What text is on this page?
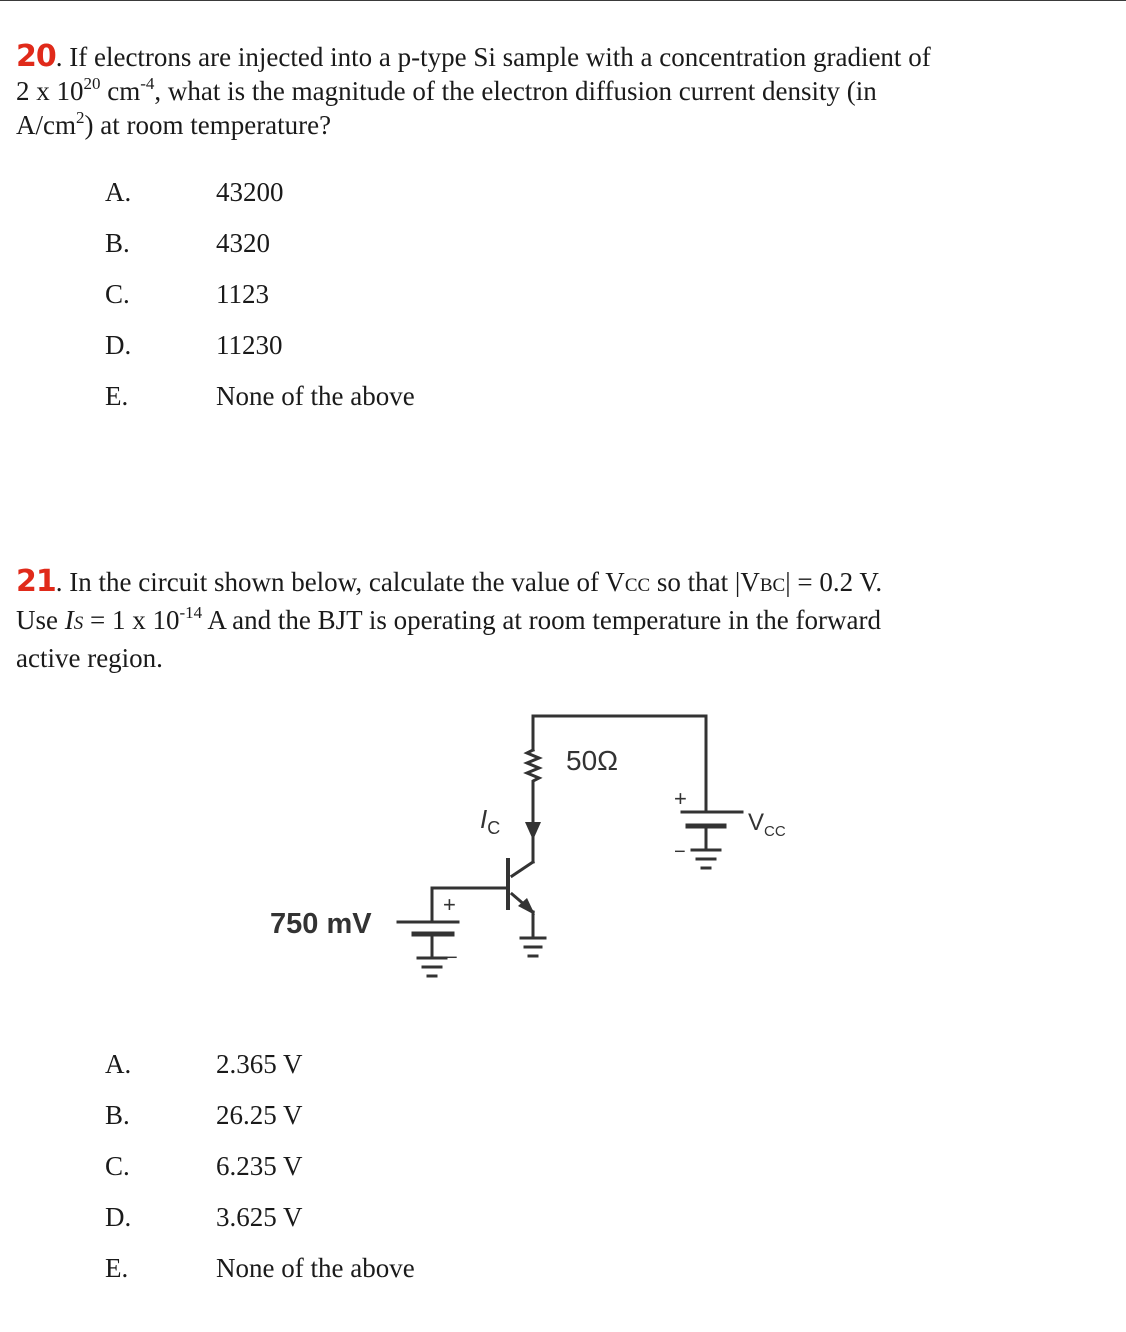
20. If electrons are injected into a p-type Si sample with a concentration gradient of
2 x $10^{20}$ $cm^{-4}$, what is the magnitude of the electron diffusion current density (in
$A/cm^2$) at room temperature?
A.	43200
B.	4320
C.	1123
D.	11230
E.	None of the above
21. In the circuit shown below, calculate the value of VCC so that |VBC| = 0.2 V.
Use IS = 1 x $10^{-14}$ A and the BJT is operating at room temperature in the forward
active region.
50Ω
$I_C$	$V_{CC}$
750 mV
+
−
+
−
A.	2.365 V
B.	26.25 V
C.	6.235 V
D.	3.625 V
E.	None of the above
